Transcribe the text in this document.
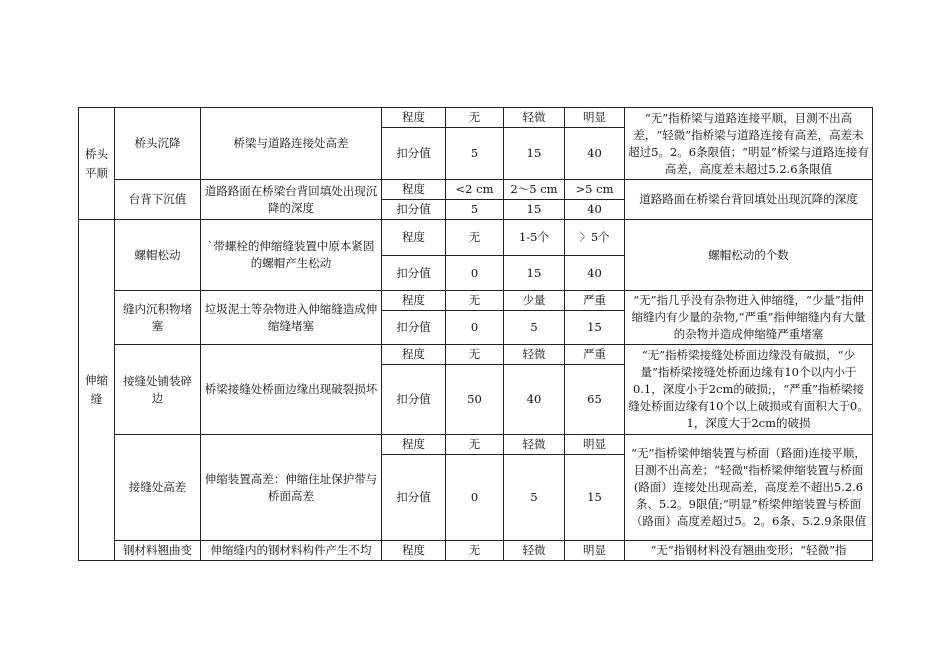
桥头平顺	桥头沉降	桥梁与道路连接处高差	程度	无	轻微	明显	“无”指桥梁与道路连接平顺，目测不出高差，“轻微”指桥梁与道路连接有高差，高差未超过5。2。6条限值；“明显”桥梁与道路连接有高差，高度差未超过5.2.6条限值
			扣分值	5	15	40	
	台背下沉值	道路路面在桥梁台背回填处出现沉降的深度	程度	<2 cm	2～5 cm	>5 cm	道路路面在桥梁台背回填处出现沉降的深度
			扣分值	5	15	40	
伸缩缝	螺帽松动	`带螺栓的伸缩缝装置中原本紧固的螺帽产生松动	程度	无	1-5个	〉5个	螺帽松动的个数
			扣分值	0	15	40	
	缝内沉积物堵塞	垃圾泥土等杂物进入伸缩缝造成伸缩缝堵塞	程度	无	少量	严重	“无”指几乎没有杂物进入伸缩缝，“少量”指伸缩缝内有少量的杂物,“严重”指伸缩缝内有大量的杂物并造成伸缩缝严重堵塞
			扣分值	0	5	15	
	接缝处铺装碎边	桥梁接缝处桥面边缘出现破裂损坏	程度	无	轻微	严重	“无”指桥梁接缝处桥面边缘没有破损，“少量”指桥梁接缝处桥面边缘有10个以内小于0.1，深度小于2cm的破损;，“严重”指桥梁接缝处桥面边缘有10个以上破损或有面积大于0。1，深度大于2cm的破损
			扣分值	50	40	65	
	接缝处高差	伸缩装置高差：伸缩住址保护带与桥面高差	程度	无	轻微	明显	“无”指桥梁伸缩装置与桥面（路面)连接平顺，目测不出高差；“轻微"指桥梁伸缩装置与桥面(路面）连接处出现高差，高度差不超出5.2.6条、5.2。9限值;“明显”桥梁伸缩装置与桥面（路面）高度差超过5。2。6条、5.2.9条限值
			扣分值	0	5	15	
	钢材料翘曲变	伸缩缝内的钢材料构件产生不均	程度	无	轻微	明显	“无”指钢材料没有翘曲变形；“轻微”指
